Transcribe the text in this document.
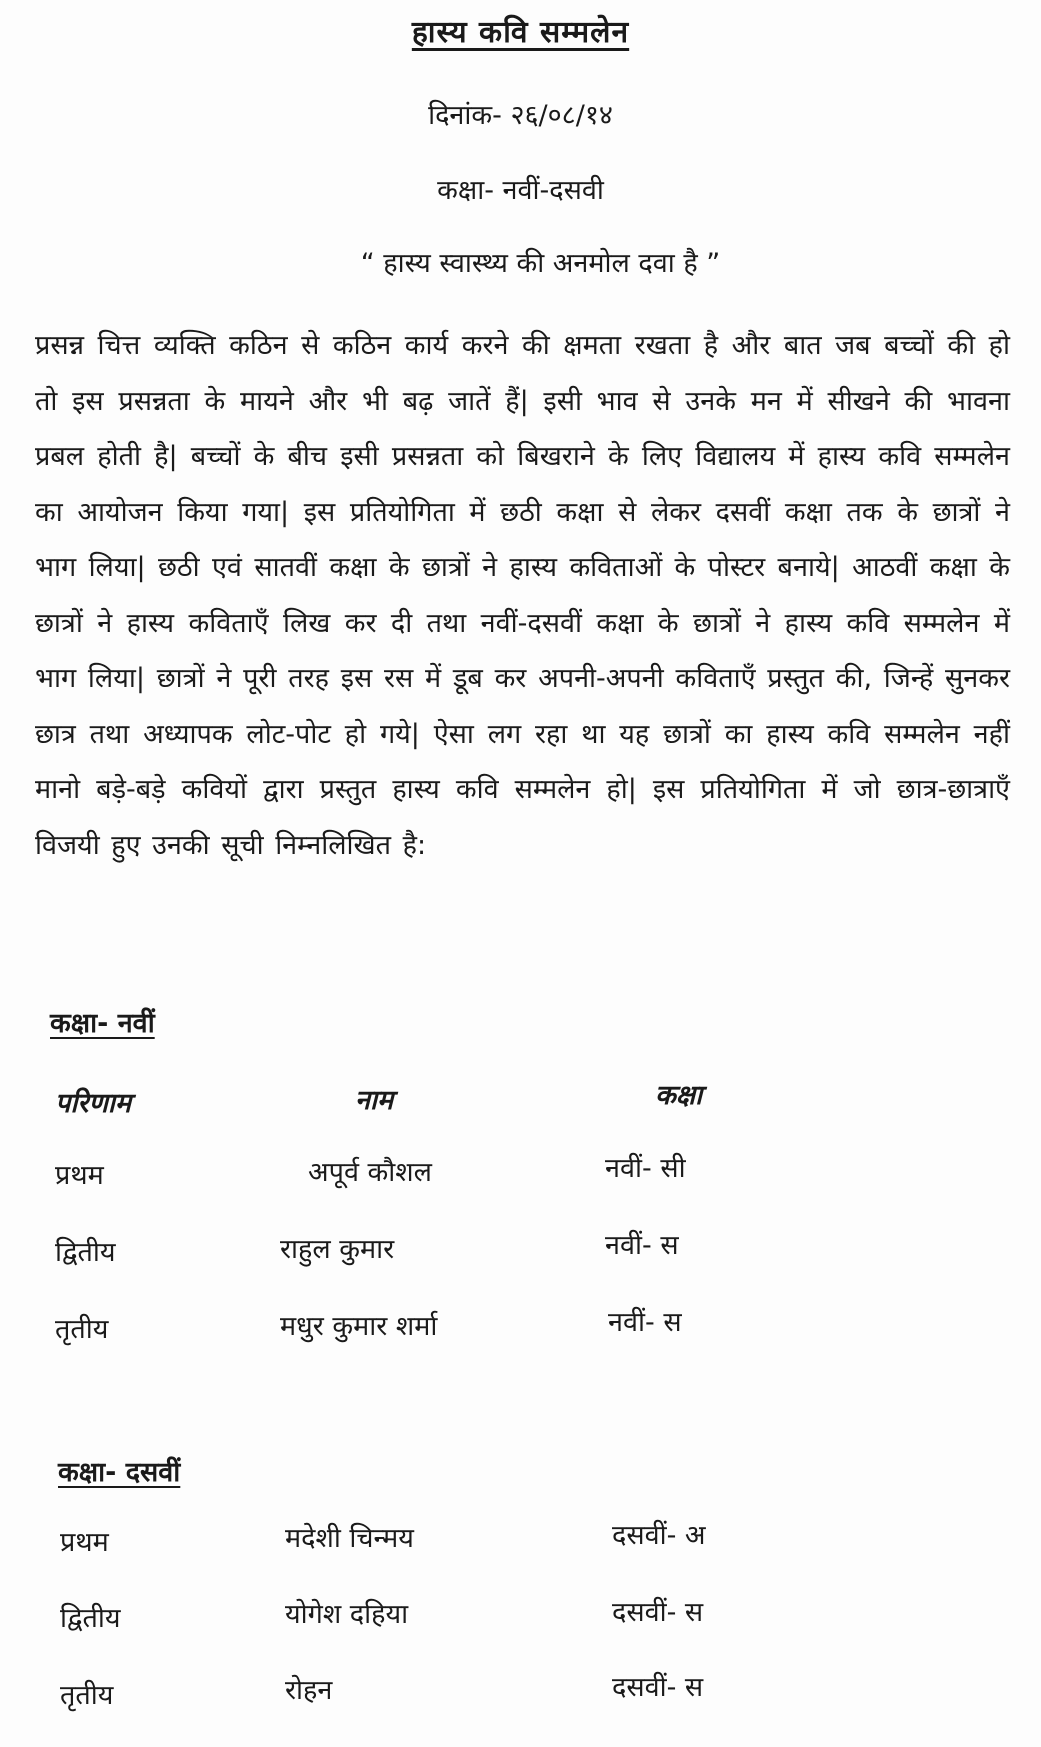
हास्य कवि सम्मलेन
दिनांक- २६/०८/१४
कक्षा- नवीं-दसवी
“ हास्य स्वास्थ्य की अनमोल दवा है ”
प्रसन्न चित्त व्यक्ति कठिन से कठिन कार्य करने की क्षमता रखता है और बात जब बच्चों की हो तो इस प्रसन्नता के मायने और भी बढ़ जातें हैं| इसी भाव से उनके मन में सीखने की भावना प्रबल होती है| बच्चों के बीच इसी प्रसन्नता को बिखराने के लिए विद्यालय में हास्य कवि सम्मलेन का आयोजन किया गया| इस प्रतियोगिता में छठी कक्षा से लेकर दसवीं कक्षा तक के छात्रों ने भाग लिया| छठी एवं सातवीं कक्षा के छात्रों ने हास्य कविताओं के पोस्टर बनाये| आठवीं कक्षा के छात्रों ने हास्य कविताएँ लिख कर दी तथा नवीं-दसवीं कक्षा के छात्रों ने हास्य कवि सम्मलेन में भाग लिया| छात्रों ने पूरी तरह इस रस में डूब कर अपनी-अपनी कविताएँ प्रस्तुत की, जिन्हें सुनकर छात्र तथा अध्यापक लोट-पोट हो गये| ऐसा लग रहा था यह छात्रों का हास्य कवि सम्मलेन नहीं मानो बड़े-बड़े कवियों द्वारा प्रस्तुत हास्य कवि सम्मलेन हो| इस प्रतियोगिता में जो छात्र-छात्राएँ विजयी हुए उनकी सूची निम्नलिखित है:
कक्षा- नवीं
परिणाम	नाम	कक्षा
प्रथम	अपूर्व कौशल	नवीं- सी
द्वितीय	राहुल कुमार	नवीं- स
तृतीय	मधुर कुमार शर्मा	नवीं- स
कक्षा- दसवीं
प्रथम	मदेशी चिन्मय	दसवीं- अ
द्वितीय	योगेश दहिया	दसवीं- स
तृतीय	रोहन	दसवीं- स
